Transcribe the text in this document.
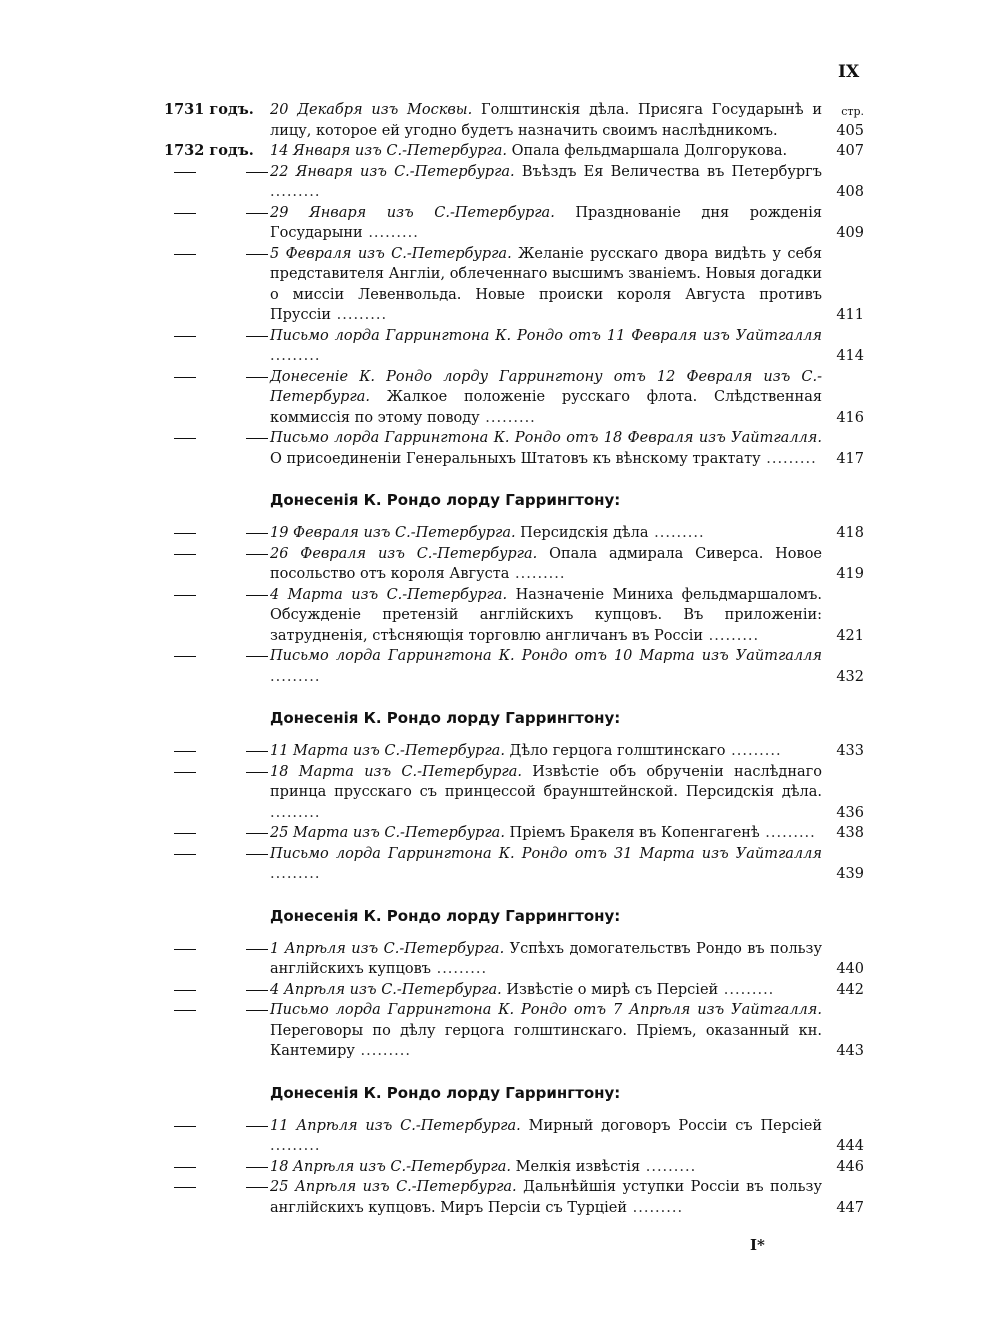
IX
1731 годъ.	20 Декабря изъ Москвы. Голштинскія дѣла. Присяга Государынѣ и лицу, которое ей угодно будетъ назначить своимъ наслѣдникомъ.	405
стр.
1732 годъ.	14 Января изъ С.-Петербурга. Опала фельдмаршала Долгорукова.	407
22 Января изъ С.-Петербурга. Въѣздъ Ея Величества въ Петербургъ .........	408
29 Января изъ С.-Петербурга. Празднованіе дня рожденія Государыни .........	409
5 Февраля изъ С.-Петербурга. Желаніе русскаго двора видѣть у себя представителя Англіи, облеченнаго высшимъ званіемъ. Новыя догадки о миссіи Левенвольда. Новые происки короля Августа противъ Пруссіи .........	411
Письмо лорда Гаррингтона К. Рондо отъ 11 Февраля изъ Уайтгалля .........	414
Донесеніе К. Рондо лорду Гаррингтону отъ 12 Февраля изъ С.-Петербурга. Жалкое положеніе русскаго флота. Слѣдственная коммиссія по этому поводу .........	416
Письмо лорда Гаррингтона К. Рондо отъ 18 Февраля изъ Уайтгалля. О присоединеніи Генеральныхъ Штатовъ къ вѣнскому трактату .........	417
Донесенія К. Рондо лорду Гаррингтону:
19 Февраля изъ С.-Петербурга. Персидскія дѣла .........	418
26 Февраля изъ С.-Петербурга. Опала адмирала Сиверса. Новое посольство отъ короля Августа .........	419
4 Марта изъ С.-Петербурга. Назначеніе Миниха фельдмаршаломъ. Обсужденіе претензій англійскихъ купцовъ. Въ приложеніи: затрудненія, стѣсняющія торговлю англичанъ въ Россіи .........	421
Письмо лорда Гаррингтона К. Рондо отъ 10 Марта изъ Уайтгалля .........	432
Донесенія К. Рондо лорду Гаррингтону:
11 Марта изъ С.-Петербурга. Дѣло герцога голштинскаго .........	433
18 Марта изъ С.-Петербурга. Извѣстіе объ обрученіи наслѣднаго принца прусскаго съ принцессой браунштейнской. Персидскія дѣла. .........	436
25 Марта изъ С.-Петербурга. Пріемъ Бракеля въ Копенгагенѣ .........	438
Письмо лорда Гаррингтона К. Рондо отъ 31 Марта изъ Уайтгалля .........	439
Донесенія К. Рондо лорду Гаррингтону:
1 Апрѣля изъ С.-Петербурга. Успѣхъ домогательствъ Рондо въ пользу англійскихъ купцовъ .........	440
4 Апрѣля изъ С.-Петербурга. Извѣстіе о мирѣ съ Персіей .........	442
Письмо лорда Гаррингтона К. Рондо отъ 7 Апрѣля изъ Уайтгалля. Переговоры по дѣлу герцога голштинскаго. Пріемъ, оказанный кн. Кантемиру .........	443
Донесенія К. Рондо лорду Гаррингтону:
11 Апрѣля изъ С.-Петербурга. Мирный договоръ Россіи съ Персіей .........	444
18 Апрѣля изъ С.-Петербурга. Мелкія извѣстія .........	446
25 Апрѣля изъ С.-Петербурга. Дальнѣйшія уступки Россіи въ пользу англійскихъ купцовъ. Миръ Персіи съ Турціей .........	447
I*
